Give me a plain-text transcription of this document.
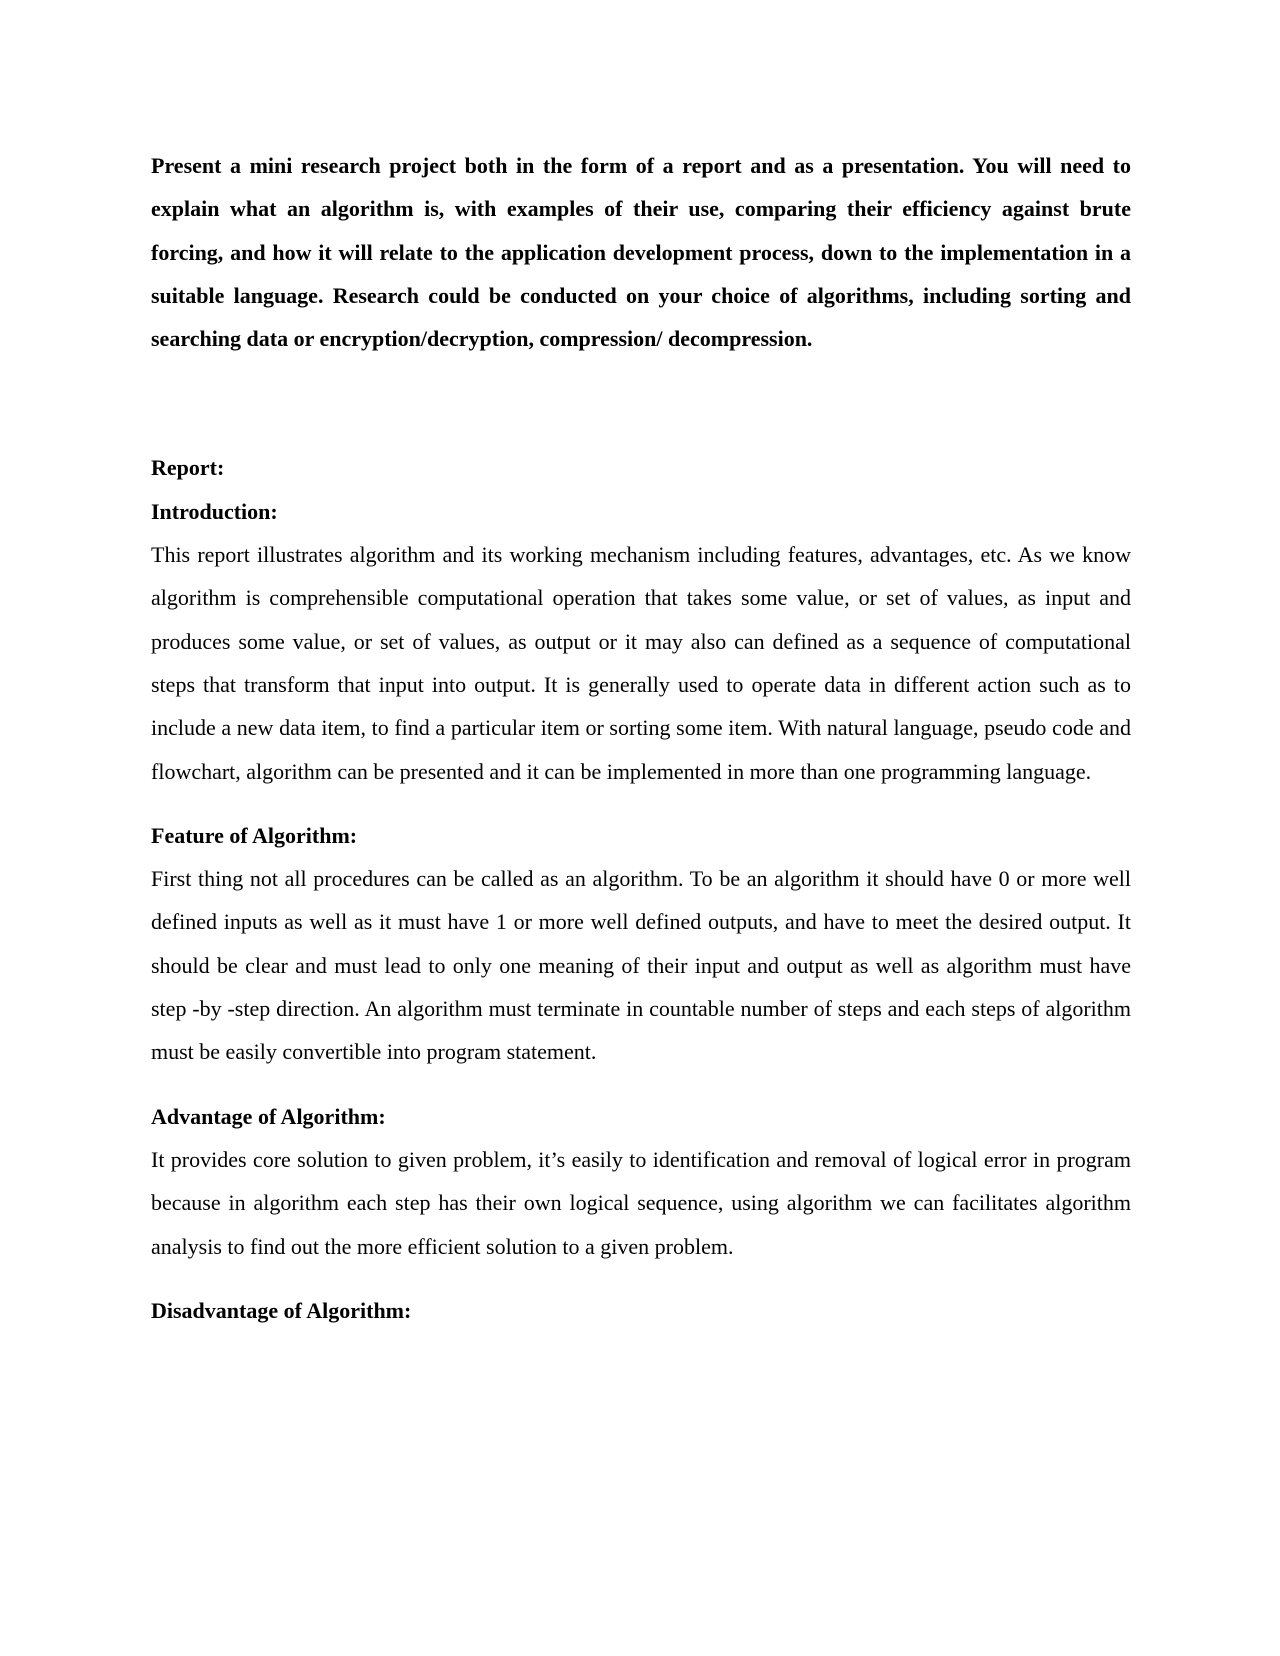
Present a mini research project both in the form of a report and as a presentation. You will need to explain what an algorithm is, with examples of their use, comparing their efficiency against brute forcing, and how it will relate to the application development process, down to the implementation in a suitable language. Research could be conducted on your choice of algorithms, including sorting and searching data or encryption/decryption, compression/ decompression.

Report:

Introduction:

This report illustrates algorithm and its working mechanism including features, advantages, etc. As we know algorithm is comprehensible computational operation that takes some value, or set of values, as input and produces some value, or set of values, as output or it may also can defined as a sequence of computational steps that transform that input into output. It is generally used to operate data in different action such as to include a new data item, to find a particular item or sorting some item. With natural language, pseudo code and flowchart, algorithm can be presented and it can be implemented in more than one programming language.

Feature of Algorithm:

First thing not all procedures can be called as an algorithm. To be an algorithm it should have 0 or more well defined inputs as well as it must have 1 or more well defined outputs, and have to meet the desired output. It should be clear and must lead to only one meaning of their input and output as well as algorithm must have step -by -step direction. An algorithm must terminate in countable number of steps and each steps of algorithm must be easily convertible into program statement.

Advantage of Algorithm:

It provides core solution to given problem, it’s easily to identification and removal of logical error in program because in algorithm each step has their own logical sequence, using algorithm we can facilitates algorithm analysis to find out the more efficient solution to a given problem.

Disadvantage of Algorithm:
